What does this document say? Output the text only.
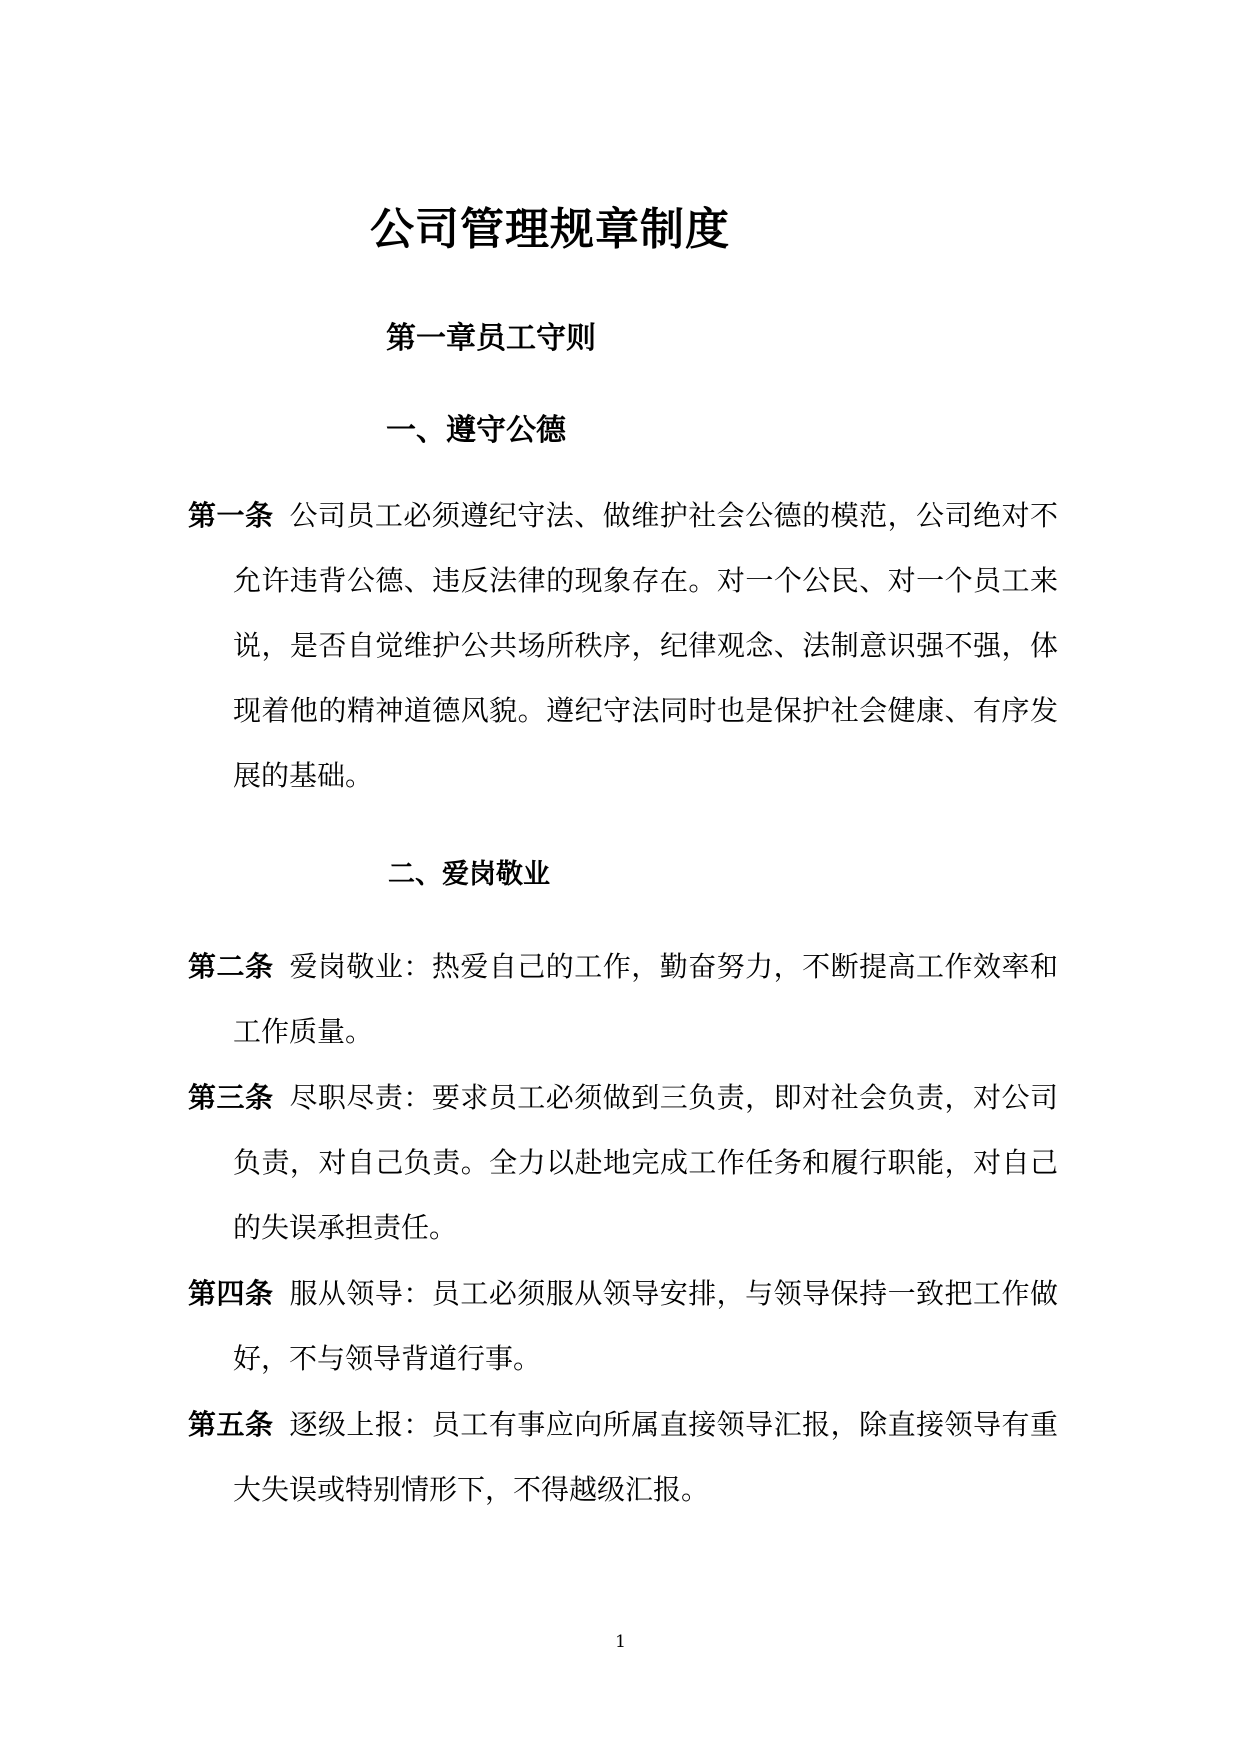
公司管理规章制度
第一章员工守则
一、遵守公德
第一条 公司员工必须遵纪守法、做维护社会公德的模范，公司绝对不允许违背公德、违反法律的现象存在。对一个公民、对一个员工来说，是否自觉维护公共场所秩序，纪律观念、法制意识强不强，体现着他的精神道德风貌。遵纪守法同时也是保护社会健康、有序发展的基础。
二、爱岗敬业
第二条 爱岗敬业：热爱自己的工作，勤奋努力，不断提高工作效率和工作质量。
第三条 尽职尽责：要求员工必须做到三负责，即对社会负责，对公司负责，对自己负责。全力以赴地完成工作任务和履行职能，对自己的失误承担责任。
第四条 服从领导：员工必须服从领导安排，与领导保持一致把工作做好，不与领导背道行事。
第五条 逐级上报：员工有事应向所属直接领导汇报，除直接领导有重大失误或特别情形下，不得越级汇报。
1
